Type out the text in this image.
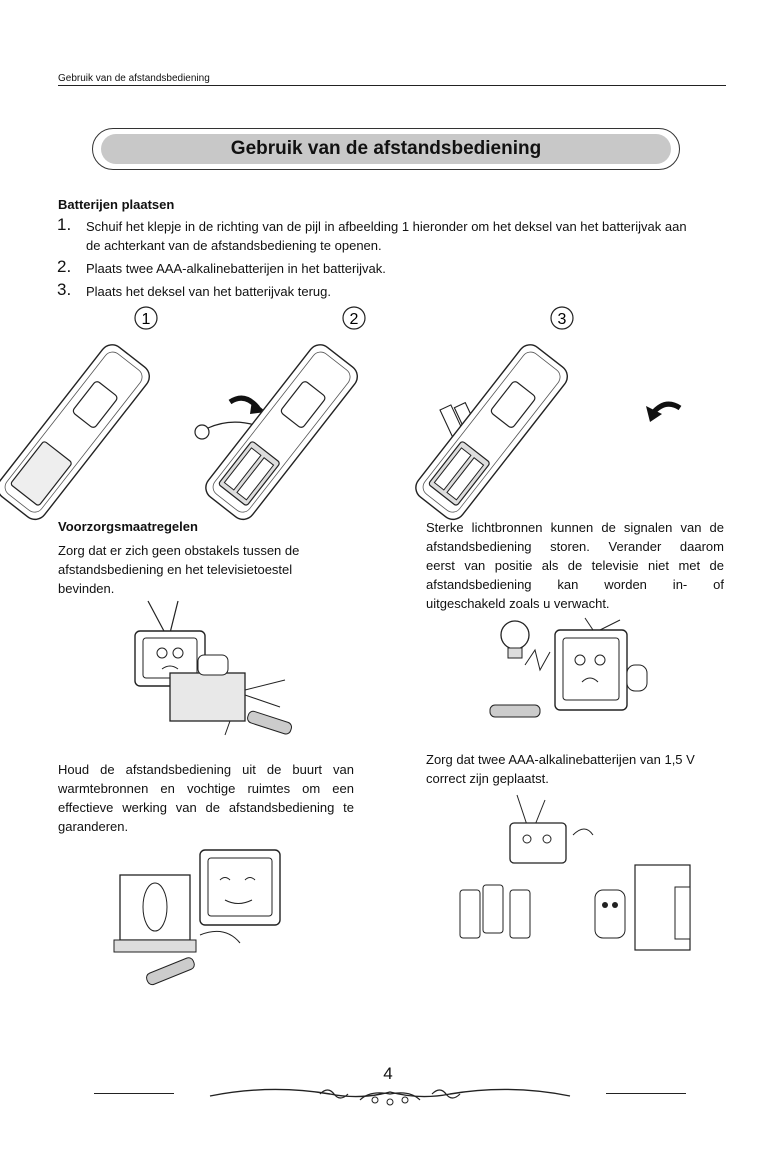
Gebruik van de afstandsbediening
Gebruik van de afstandsbediening
Batterijen plaatsen
1. Schuif het klepje in de richting van de pijl in afbeelding 1 hieronder om het deksel van het batterijvak aan
de achterkant van de afstandsbediening te openen.
2. Plaats twee AAA-alkalinebatterijen in het batterijvak.
3. Plaats het deksel van het batterijvak terug.
1	2	3
Voorzorgsmaatregelen
Zorg dat er zich geen obstakels tussen de
afstandsbediening en het televisietoestel
bevinden.
Sterke lichtbronnen kunnen de signalen van de
afstandsbediening storen. Verander daarom
eerst van positie als de televisie niet met de
afstandsbediening kan worden in- of
uitgeschakeld zoals u verwacht.
Houd de afstandsbediening uit de buurt van
warmtebronnen en vochtige ruimtes om een
effectieve werking van de afstandsbediening te
garanderen.
Zorg dat twee AAA-alkalinebatterijen van 1,5 V
correct zijn geplaatst.
4
